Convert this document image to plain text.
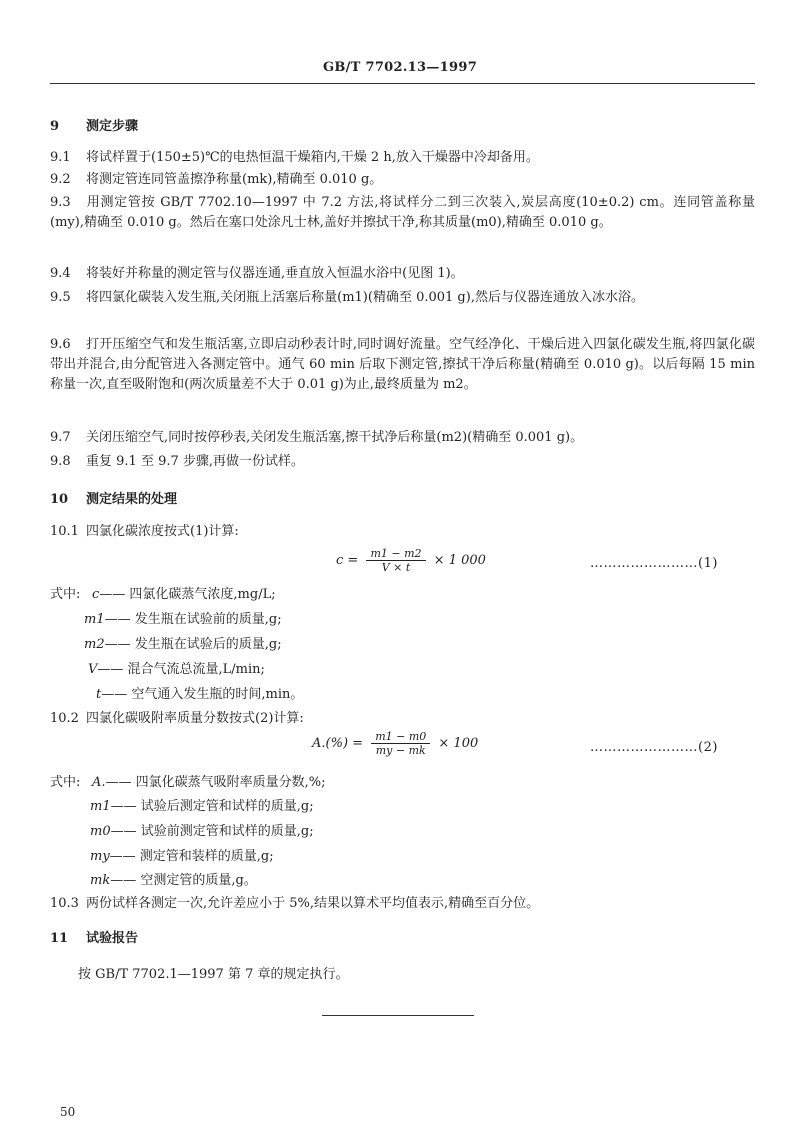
GB/T 7702.13—1997
9 测定步骤
9.1 将试样置于(150±5)℃的电热恒温干燥箱内,干燥 2 h,放入干燥器中冷却备用。
9.2 将测定管连同管盖擦净称量(mk),精确至 0.010 g。
9.3 用测定管按 GB/T 7702.10—1997 中 7.2 方法,将试样分二到三次装入,炭层高度(10±0.2) cm。连同管盖称量(my),精确至 0.010 g。然后在塞口处涂凡士林,盖好并擦拭干净,称其质量(m0),精确至 0.010 g。
9.4 将装好并称量的测定管与仪器连通,垂直放入恒温水浴中(见图 1)。
9.5 将四氯化碳装入发生瓶,关闭瓶上活塞后称量(m1)(精确至 0.001 g),然后与仪器连通放入冰水浴。
9.6 打开压缩空气和发生瓶活塞,立即启动秒表计时,同时调好流量。空气经净化、干燥后进入四氯化碳发生瓶,将四氯化碳带出并混合,由分配管进入各测定管中。通气 60 min 后取下测定管,擦拭干净后称量(精确至 0.010 g)。以后每隔 15 min 称量一次,直至吸附饱和(两次质量差不大于 0.01 g)为止,最终质量为 m2。
9.7 关闭压缩空气,同时按停秒表,关闭发生瓶活塞,擦干拭净后称量(m2)(精确至 0.001 g)。
9.8 重复 9.1 至 9.7 步骤,再做一份试样。
10 测定结果的处理
10.1 四氯化碳浓度按式(1)计算:
$c = \frac{m1 - m2}{V \times t} \times 1$ 000	……………………(1)
式中: c—— 四氯化碳蒸气浓度,mg/L;
m1—— 发生瓶在试验前的质量,g;
m2—— 发生瓶在试验后的质量,g;
V—— 混合气流总流量,L/min;
t—— 空气通入发生瓶的时间,min。
10.2 四氯化碳吸附率质量分数按式(2)计算:
$A.(\%) = \frac{m1 - m0}{my - mk} \times 100$	……………………(2)
式中: A.—— 四氯化碳蒸气吸附率质量分数,%;
m1—— 试验后测定管和试样的质量,g;
m0—— 试验前测定管和试样的质量,g;
my—— 测定管和装样的质量,g;
mk—— 空测定管的质量,g。
10.3 两份试样各测定一次,允许差应小于 5%,结果以算术平均值表示,精确至百分位。
11 试验报告
按 GB/T 7702.1—1997 第 7 章的规定执行。
50
